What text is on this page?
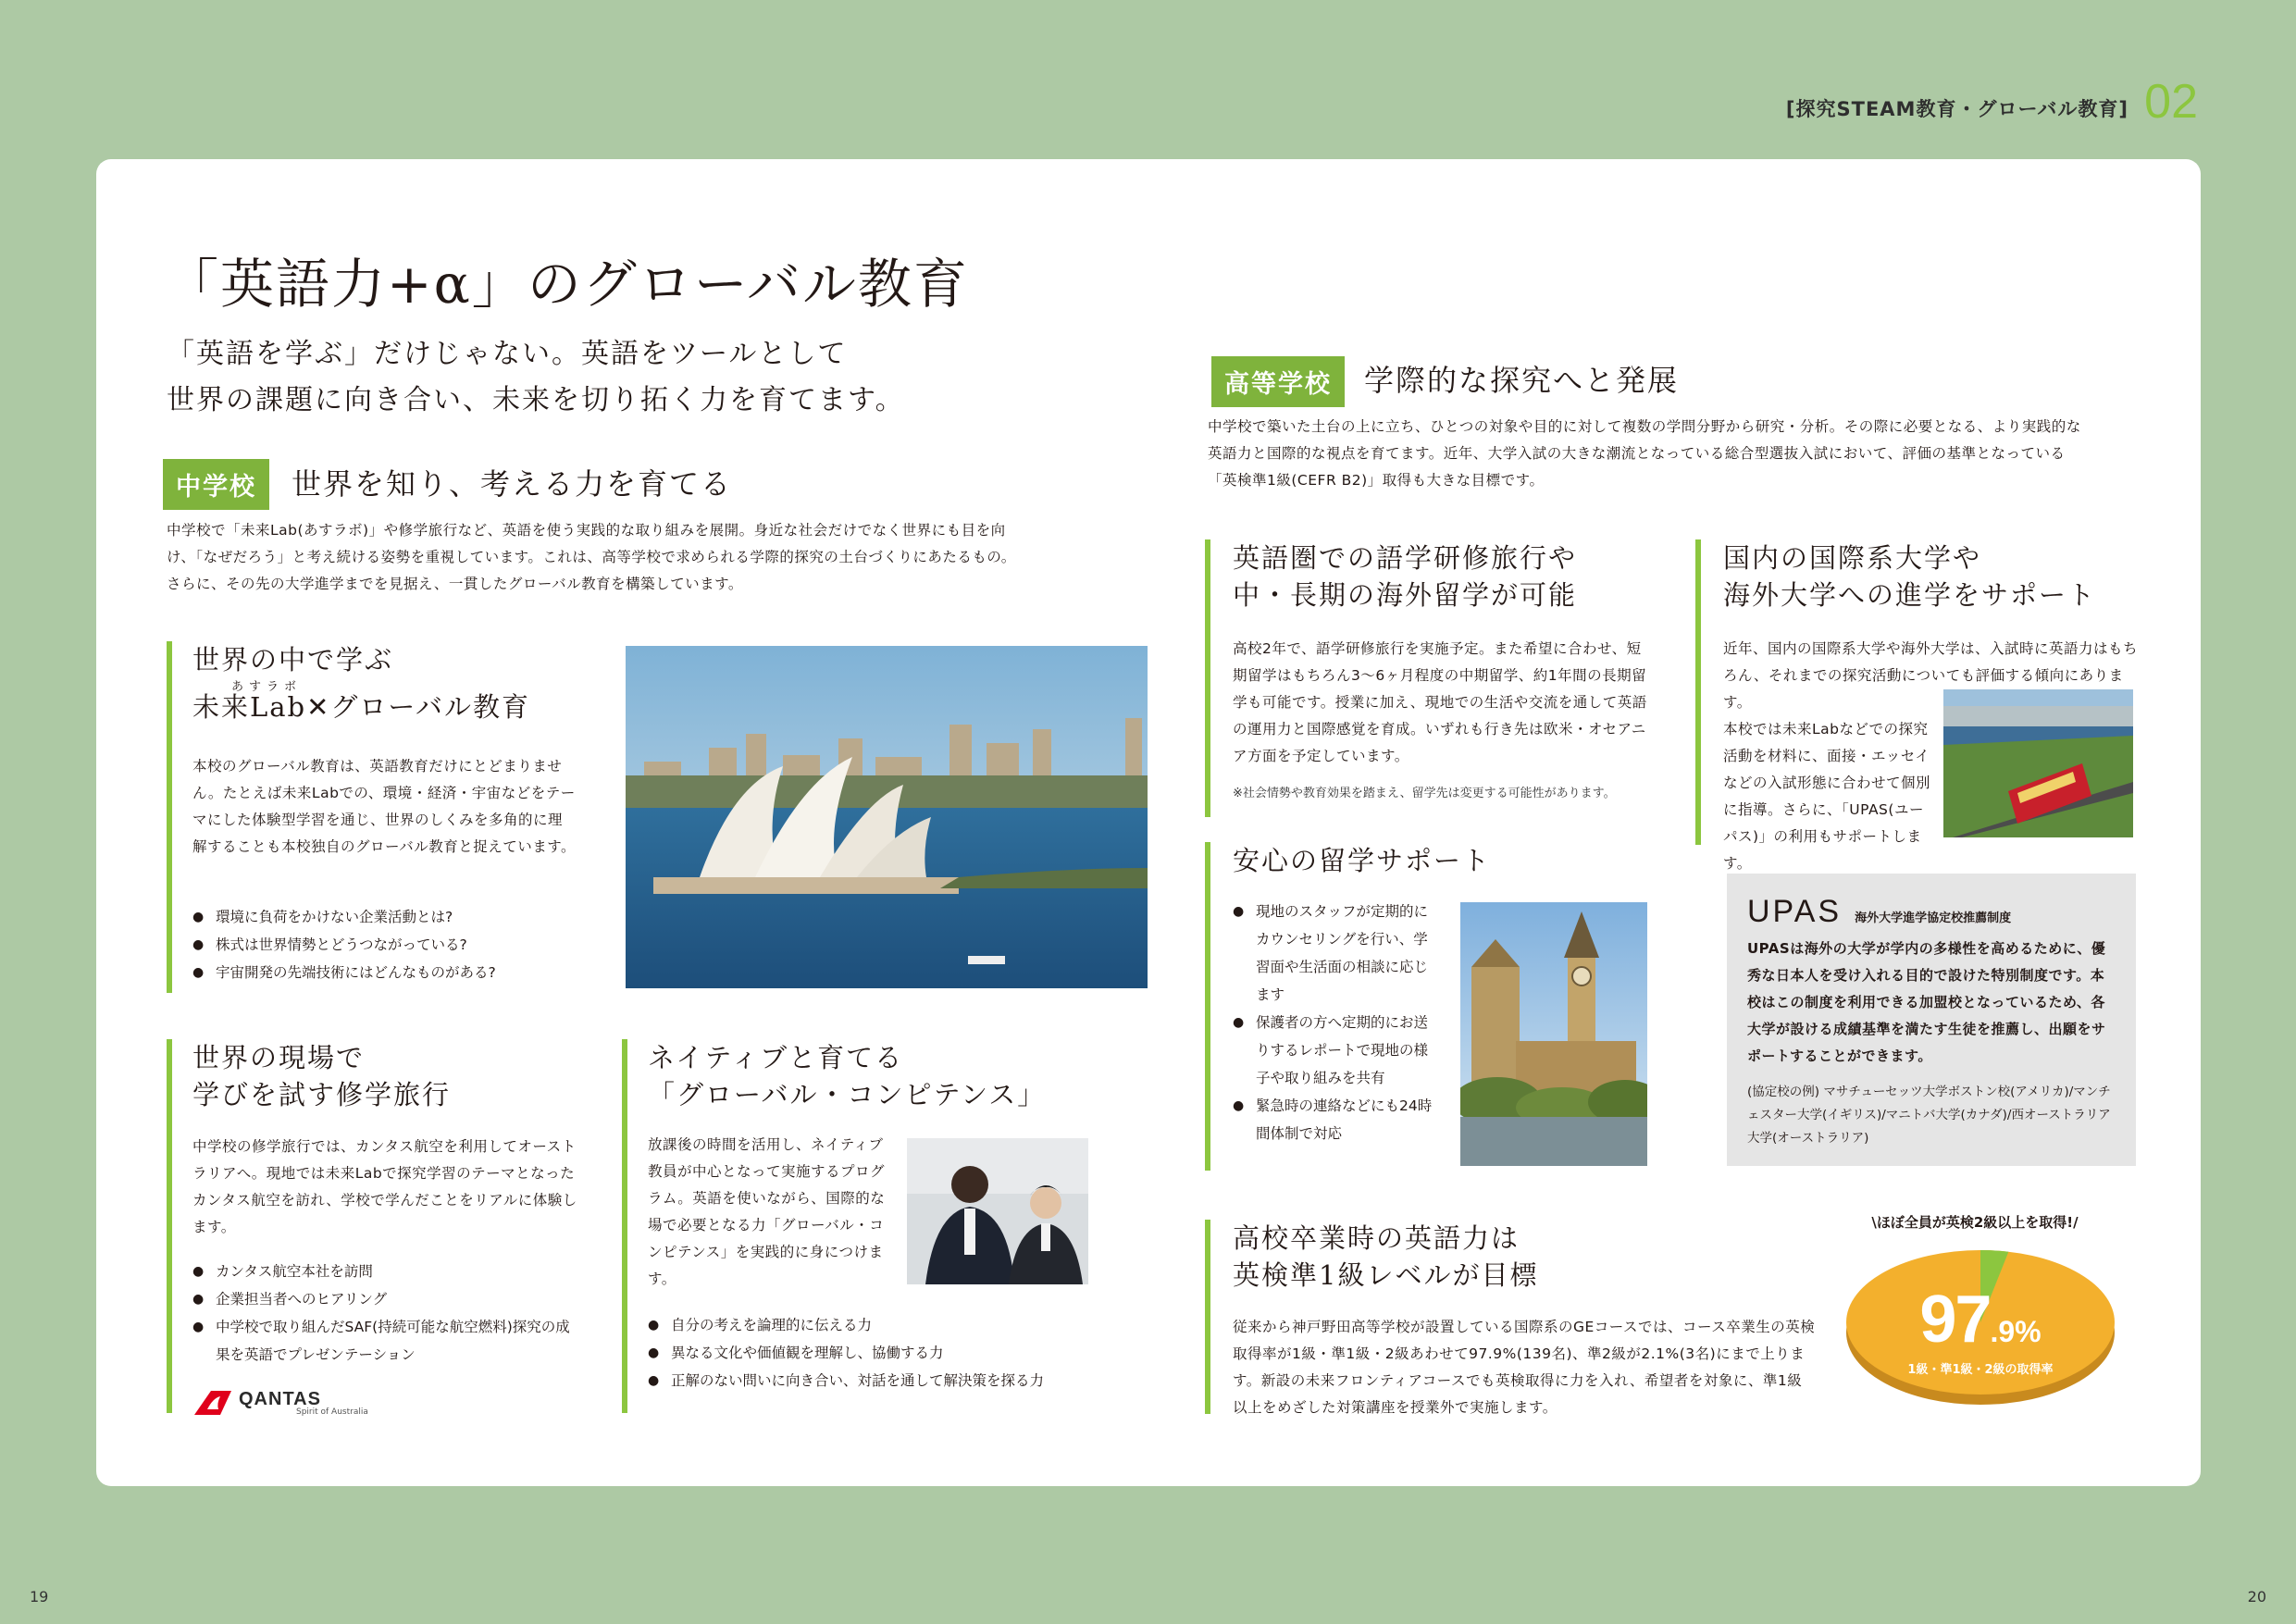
[探究STEAM教育・グローバル教育] 02
「英語力+α」のグローバル教育
「英語を学ぶ」だけじゃない。英語をツールとして
世界の課題に向き合い、未来を切り拓く力を育てます。
中学校	世界を知り、考える力を育てる
中学校で「未来Lab(あすラボ)」や修学旅行など、英語を使う実践的な取り組みを展開。身近な社会だけでなく世界にも目を向け、「なぜだろう」と考え続ける姿勢を重視しています。これは、高等学校で求められる学際的探究の土台づくりにあたるもの。さらに、その先の大学進学までを見据え、一貫したグローバル教育を構築しています。
世界の中で学ぶ
あすラボ
未来Lab✕グローバル教育
本校のグローバル教育は、英語教育だけにとどまりません。たとえば未来Labでの、環境・経済・宇宙などをテーマにした体験型学習を通じ、世界のしくみを多角的に理解することも本校独自のグローバル教育と捉えています。
● 環境に負荷をかけない企業活動とは?
● 株式は世界情勢とどうつながっている?
● 宇宙開発の先端技術にはどんなものがある?
世界の現場で
学びを試す修学旅行
中学校の修学旅行では、カンタス航空を利用してオーストラリアへ。現地では未来Labで探究学習のテーマとなったカンタス航空を訪れ、学校で学んだことをリアルに体験します。
● カンタス航空本社を訪問
● 企業担当者へのヒアリング
● 中学校で取り組んだSAF(持続可能な航空燃料)探究の成果を英語でプレゼンテーション
QANTAS
Spirit of Australia
ネイティブと育てる
「グローバル・コンピテンス」
放課後の時間を活用し、ネイティブ教員が中心となって実施するプログラム。英語を使いながら、国際的な場で必要となる力「グローバル・コンピテンス」を実践的に身につけます。
● 自分の考えを論理的に伝える力
● 異なる文化や価値観を理解し、協働する力
● 正解のない問いに向き合い、対話を通して解決策を探る力
高等学校	学際的な探究へと発展
中学校で築いた土台の上に立ち、ひとつの対象や目的に対して複数の学問分野から研究・分析。その際に必要となる、より実践的な英語力と国際的な視点を育てます。近年、大学入試の大きな潮流となっている総合型選抜入試において、評価の基準となっている「英検準1級(CEFR B2)」取得も大きな目標です。
英語圏での語学研修旅行や
中・長期の海外留学が可能
高校2年で、語学研修旅行を実施予定。また希望に合わせ、短期留学はもちろん3〜6ヶ月程度の中期留学、約1年間の長期留学も可能です。授業に加え、現地での生活や交流を通して英語の運用力と国際感覚を育成。いずれも行き先は欧米・オセアニア方面を予定しています。
※社会情勢や教育効果を踏まえ、留学先は変更する可能性があります。
安心の留学サポート
● 現地のスタッフが定期的にカウンセリングを行い、学習面や生活面の相談に応じます
● 保護者の方へ定期的にお送りするレポートで現地の様子や取り組みを共有
● 緊急時の連絡などにも24時間体制で対応
国内の国際系大学や
海外大学への進学をサポート
近年、国内の国際系大学や海外大学は、入試時に英語力はもちろん、それまでの探究活動についても評価する傾向にあります。
本校では未来Labなどでの探究活動を材料に、面接・エッセイなどの入試形態に合わせて個別に指導。さらに、「UPAS(ユーパス)」の利用もサポートします。
UPAS 海外大学進学協定校推薦制度
UPASは海外の大学が学内の多様性を高めるために、優秀な日本人を受け入れる目的で設けた特別制度です。本校はこの制度を利用できる加盟校となっているため、各大学が設ける成績基準を満たす生徒を推薦し、出願をサポートすることができます。
(協定校の例) マサチューセッツ大学ボストン校(アメリカ)/マンチェスター大学(イギリス)/マニトバ大学(カナダ)/西オーストラリア大学(オーストラリア)
高校卒業時の英語力は
英検準1級レベルが目標
従来から神戸野田高等学校が設置している国際系のGEコースでは、コース卒業生の英検取得率が1級・準1級・2級あわせて97.9%(139名)、準2級が2.1%(3名)にまで上ります。新設の未来フロンティアコースでも英検取得に力を入れ、希望者を対象に、準1級以上をめざした対策講座を授業外で実施します。
\ほぼ全員が英検2級以上を取得!/
97.9%
1級・準1級・2級の取得率
19	20
